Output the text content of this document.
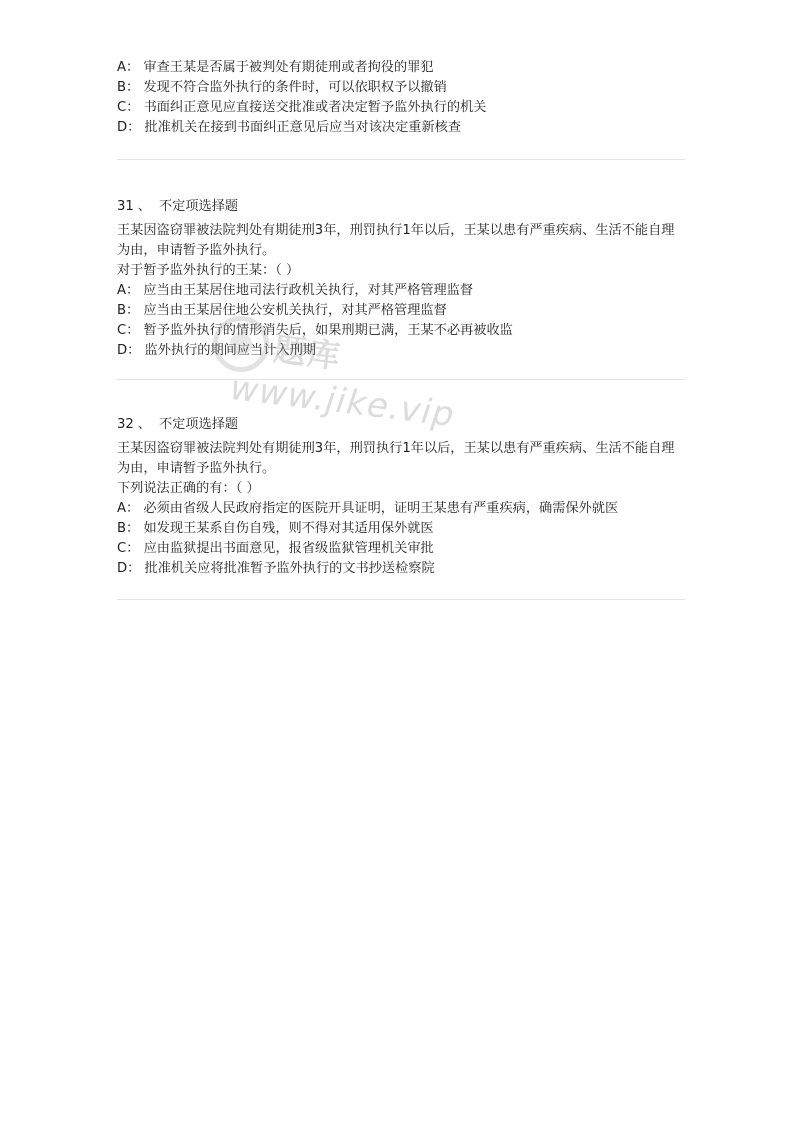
A： 审查王某是否属于被判处有期徒刑或者拘役的罪犯
B： 发现不符合监外执行的条件时，可以依职权予以撤销
C： 书面纠正意见应直接送交批准或者决定暂予监外执行的机关
D： 批准机关在接到书面纠正意见后应当对该决定重新核查
31 、 不定项选择题
王某因盗窃罪被法院判处有期徒刑3年，刑罚执行1年以后，王某以患有严重疾病、生活不能自理为由，申请暂予监外执行。
对于暂予监外执行的王某：（ ）
A： 应当由王某居住地司法行政机关执行，对其严格管理监督
B： 应当由王某居住地公安机关执行，对其严格管理监督
C： 暂予监外执行的情形消失后，如果刑期已满，王某不必再被收监
D： 监外执行的期间应当计入刑期
32 、 不定项选择题
王某因盗窃罪被法院判处有期徒刑3年，刑罚执行1年以后，王某以患有严重疾病、生活不能自理为由，申请暂予监外执行。
下列说法正确的有：（ ）
A： 必须由省级人民政府指定的医院开具证明，证明王某患有严重疾病，确需保外就医
B： 如发现王某系自伤自残，则不得对其适用保外就医
C： 应由监狱提出书面意见，报省级监狱管理机关审批
D： 批准机关应将批准暂予监外执行的文书抄送检察院
题库
www.jike.vip
